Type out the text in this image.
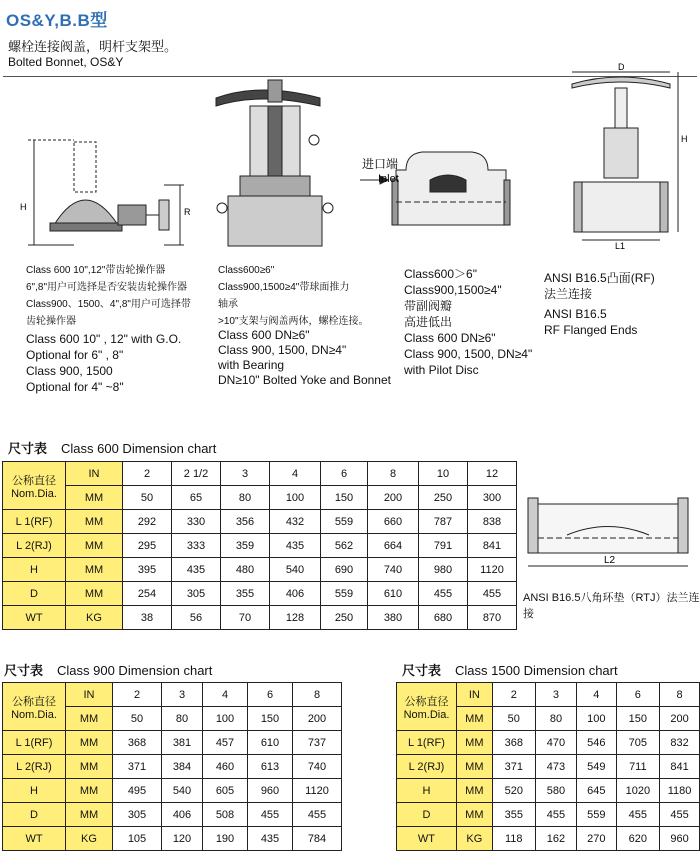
OS&Y,B.B型
螺栓连接阀盖，明杆支架型。
Bolted Bonnet, OS&Y
H	R
进口端
Inlet
D
H
L1
Class 600 10",12"带齿轮操作器
6",8"用户可选择是否安装齿轮操作器
Class900、1500、4",8"用户可选择带
齿轮操作器
Class 600 10" , 12" with G.O.
Optional for 6" , 8"
Class 900, 1500
Optional for 4" ~8"
Class600≥6"
Class900,1500≥4"带球面推力
轴承
>10"支架与阀盖两体，螺栓连接。
Class 600 DN≥6"
Class 900, 1500, DN≥4"
with Bearing
DN≥10" Bolted Yoke and Bonnet
Class600＞6"
Class900,1500≥4"
带副阀瓣
高进低出
Class 600 DN≥6"
Class 900, 1500, DN≥4"
with Pilot Disc
ANSI B16.5凸面(RF)
法兰连接
ANSI B16.5
RF Flanged Ends
尺寸表 Class 600 Dimension chart
公称直径
Nom.Dia.	IN	2	2 1/2	3	4	6	8	10	12
	MM	50	65	80	100	150	200	250	300
L 1(RF)	MM	292	330	356	432	559	660	787	838
L 2(RJ)	MM	295	333	359	435	562	664	791	841
H	MM	395	435	480	540	690	740	980	1120
D	MM	254	305	355	406	559	610	455	455
WT	KG	38	56	70	128	250	380	680	870
L2
ANSI B16.5八角环垫（RTJ）法兰连接
尺寸表 Class 900 Dimension chart
公称直径
Nom.Dia.	IN	2	3	4	6	8
	MM	50	80	100	150	200
L 1(RF)	MM	368	381	457	610	737
L 2(RJ)	MM	371	384	460	613	740
H	MM	495	540	605	960	1120
D	MM	305	406	508	455	455
WT	KG	105	120	190	435	784
尺寸表 Class 1500 Dimension chart
公称直径
Nom.Dia.	IN	2	3	4	6	8
	MM	50	80	100	150	200
L 1(RF)	MM	368	470	546	705	832
L 2(RJ)	MM	371	473	549	711	841
H	MM	520	580	645	1020	1180
D	MM	355	455	559	455	455
WT	KG	118	162	270	620	960
